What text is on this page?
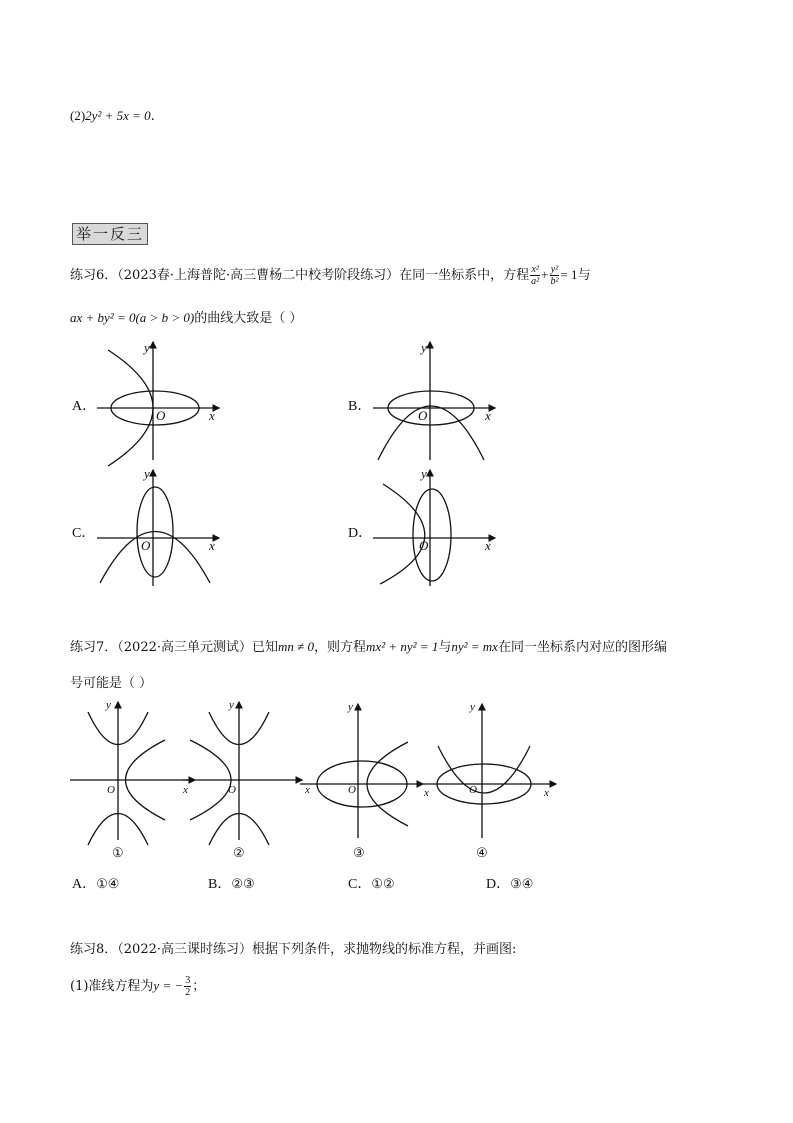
(2)2y² + 5x = 0.
举一反三
练习6．（2023春·上海普陀·高三曹杨二中校考阶段练习）在同一坐标系中，方程 $\frac{\text{x²}}{\text{a²}} + \frac{\text{y²}}{\text{b²}} = 1$与
ax + by² = 0(a > b > 0)的曲线大致是（ ）
A．	B．
C．	D．
y
x
O
y
x
O
y
x
O
y
x
O
练习7．（2022·高三单元测试）已知mn ≠ 0，则方程mx² + ny² = 1与ny² = mx在同一坐标系内对应的图形编
号可能是（ ）
y
x
O
y
x
O
y
x
O
y
x
O
①	②	③	④
A．①④	B．②③	C．①②	D．③④
练习8．（2022·高三课时练习）根据下列条件，求抛物线的标准方程，并画图:
(1)准线方程为y = − $\frac{3}{2}$ ；
